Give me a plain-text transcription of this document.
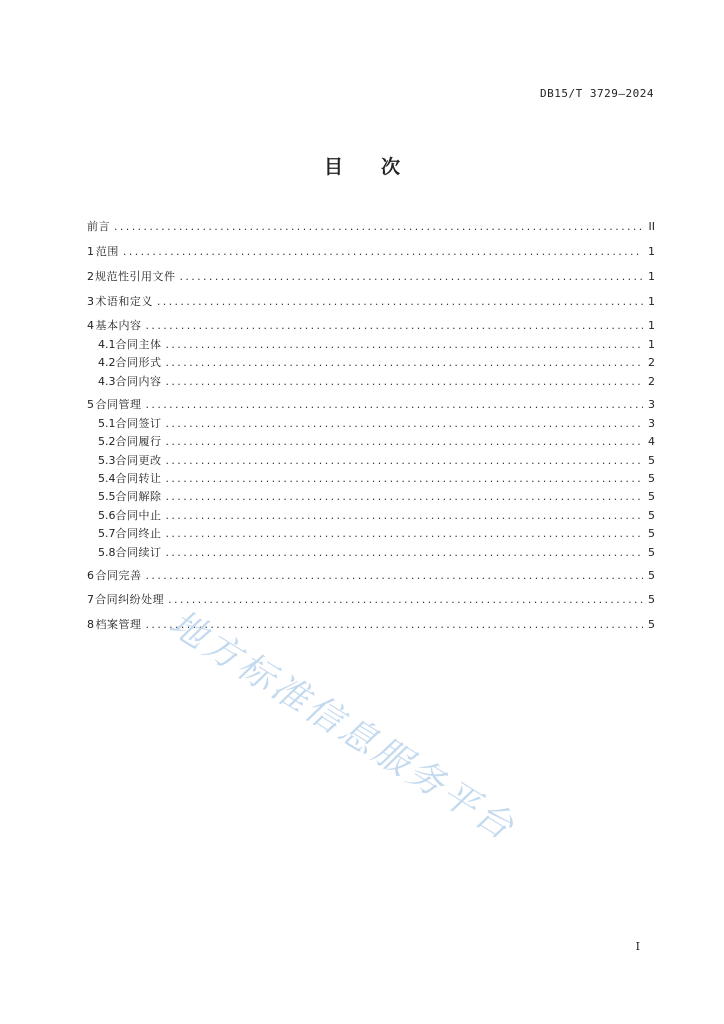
DB15/T 3729—2024
目 次
前言 .....	II
1 范围 .....	1
2 规范性引用文件 .....	1
3 术语和定义 .....	1
4 基本内容 .....	1
4.1 合同主体 .....	1
4.2 合同形式 .....	2
4.3 合同内容 .....	2
5 合同管理 .....	3
5.1 合同签订 .....	3
5.2 合同履行 .....	4
5.3 合同更改 .....	5
5.4 合同转让 .....	5
5.5 合同解除 .....	5
5.6 合同中止 .....	5
5.7 合同终止 .....	5
5.8 合同续订 .....	5
6 合同完善 .....	5
7 合同纠纷处理 .....	5
8 档案管理 .....	5
地方标准信息服务平台
I
